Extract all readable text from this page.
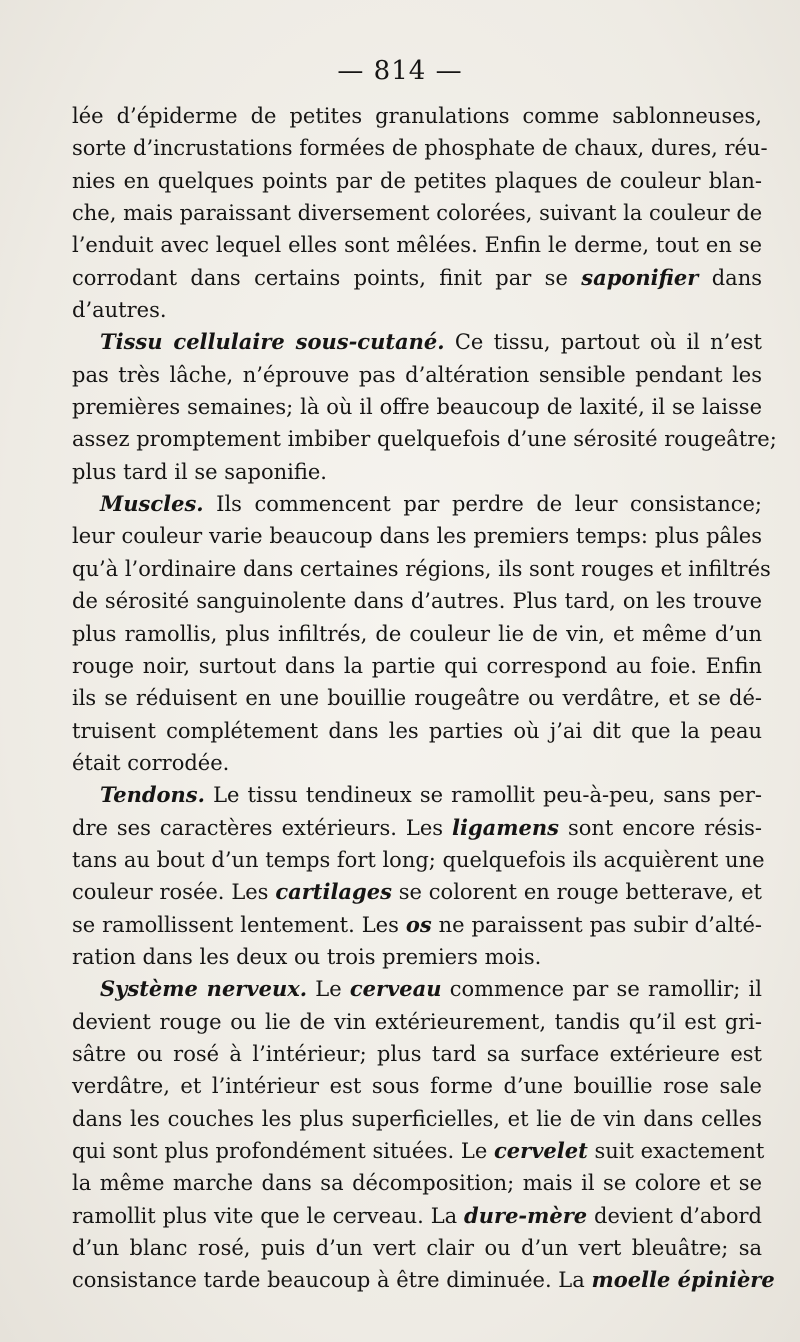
— 814 —
lée d’épiderme de petites granulations comme sablonneuses,
sorte d’incrustations formées de phosphate de chaux, dures, réu-
nies en quelques points par de petites plaques de couleur blan-
che, mais paraissant diversement colorées, suivant la couleur de
l’enduit avec lequel elles sont mêlées. Enfin le derme, tout en se
corrodant dans certains points, finit par se saponifier dans
d’autres.
Tissu cellulaire sous-cutané. Ce tissu, partout où il n’est
pas très lâche, n’éprouve pas d’altération sensible pendant les
premières semaines; là où il offre beaucoup de laxité, il se laisse
assez promptement imbiber quelquefois d’une sérosité rougeâtre;
plus tard il se saponifie.
Muscles. Ils commencent par perdre de leur consistance;
leur couleur varie beaucoup dans les premiers temps: plus pâles
qu’à l’ordinaire dans certaines régions, ils sont rouges et infiltrés
de sérosité sanguinolente dans d’autres. Plus tard, on les trouve
plus ramollis, plus infiltrés, de couleur lie de vin, et même d’un
rouge noir, surtout dans la partie qui correspond au foie. Enfin
ils se réduisent en une bouillie rougeâtre ou verdâtre, et se dé-
truisent complétement dans les parties où j’ai dit que la peau
était corrodée.
Tendons. Le tissu tendineux se ramollit peu-à-peu, sans per-
dre ses caractères extérieurs. Les ligamens sont encore résis-
tans au bout d’un temps fort long; quelquefois ils acquièrent une
couleur rosée. Les cartilages se colorent en rouge betterave, et
se ramollissent lentement. Les os ne paraissent pas subir d’alté-
ration dans les deux ou trois premiers mois.
Système nerveux. Le cerveau commence par se ramollir; il
devient rouge ou lie de vin extérieurement, tandis qu’il est gri-
sâtre ou rosé à l’intérieur; plus tard sa surface extérieure est
verdâtre, et l’intérieur est sous forme d’une bouillie rose sale
dans les couches les plus superficielles, et lie de vin dans celles
qui sont plus profondément situées. Le cervelet suit exactement
la même marche dans sa décomposition; mais il se colore et se
ramollit plus vite que le cerveau. La dure-mère devient d’abord
d’un blanc rosé, puis d’un vert clair ou d’un vert bleuâtre; sa
consistance tarde beaucoup à être diminuée. La moelle épinière
